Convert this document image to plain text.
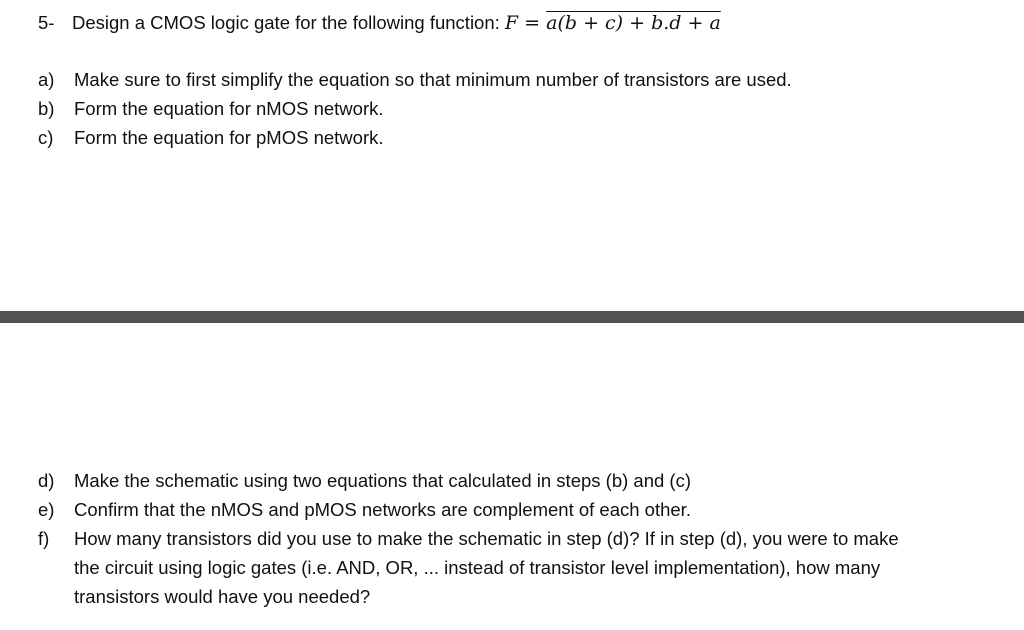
5- Design a CMOS logic gate for the following function: F = a(b + c) + b.d + a
a) Make sure to first simplify the equation so that minimum number of transistors are used.
b) Form the equation for nMOS network.
c) Form the equation for pMOS network.
d) Make the schematic using two equations that calculated in steps (b) and (c)
e) Confirm that the nMOS and pMOS networks are complement of each other.
f) How many transistors did you use to make the schematic in step (d)? If in step (d), you were to make the circuit using logic gates (i.e. AND, OR, ... instead of transistor level implementation), how many transistors would have you needed?
